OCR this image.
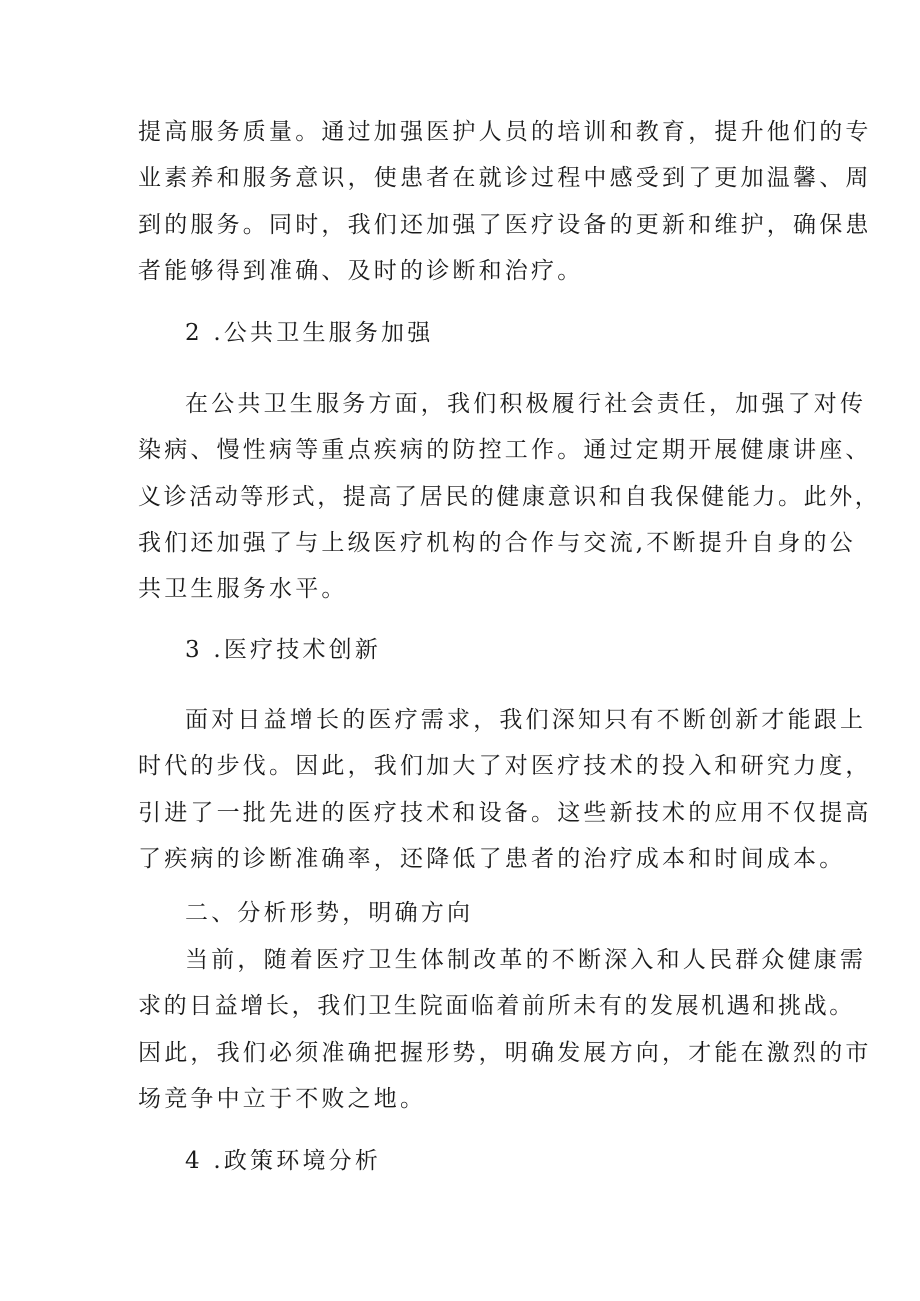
提高服务质量。通过加强医护人员的培训和教育，提升他们的专

业素养和服务意识，使患者在就诊过程中感受到了更加温馨、周

到的服务。同时，我们还加强了医疗设备的更新和维护，确保患

者能够得到准确、及时的诊断和治疗。

2 .公共卫生服务加强

在公共卫生服务方面，我们积极履行社会责任，加强了对传

染病、慢性病等重点疾病的防控工作。通过定期开展健康讲座、

义诊活动等形式，提高了居民的健康意识和自我保健能力。此外，

我们还加强了与上级医疗机构的合作与交流,不断提升自身的公

共卫生服务水平。

3 .医疗技术创新

面对日益增长的医疗需求，我们深知只有不断创新才能跟上

时代的步伐。因此，我们加大了对医疗技术的投入和研究力度，

引进了一批先进的医疗技术和设备。这些新技术的应用不仅提高

了疾病的诊断准确率，还降低了患者的治疗成本和时间成本。

二、分析形势，明确方向

当前，随着医疗卫生体制改革的不断深入和人民群众健康需

求的日益增长，我们卫生院面临着前所未有的发展机遇和挑战。

因此，我们必须准确把握形势，明确发展方向，才能在激烈的市

场竞争中立于不败之地。

4 .政策环境分析
